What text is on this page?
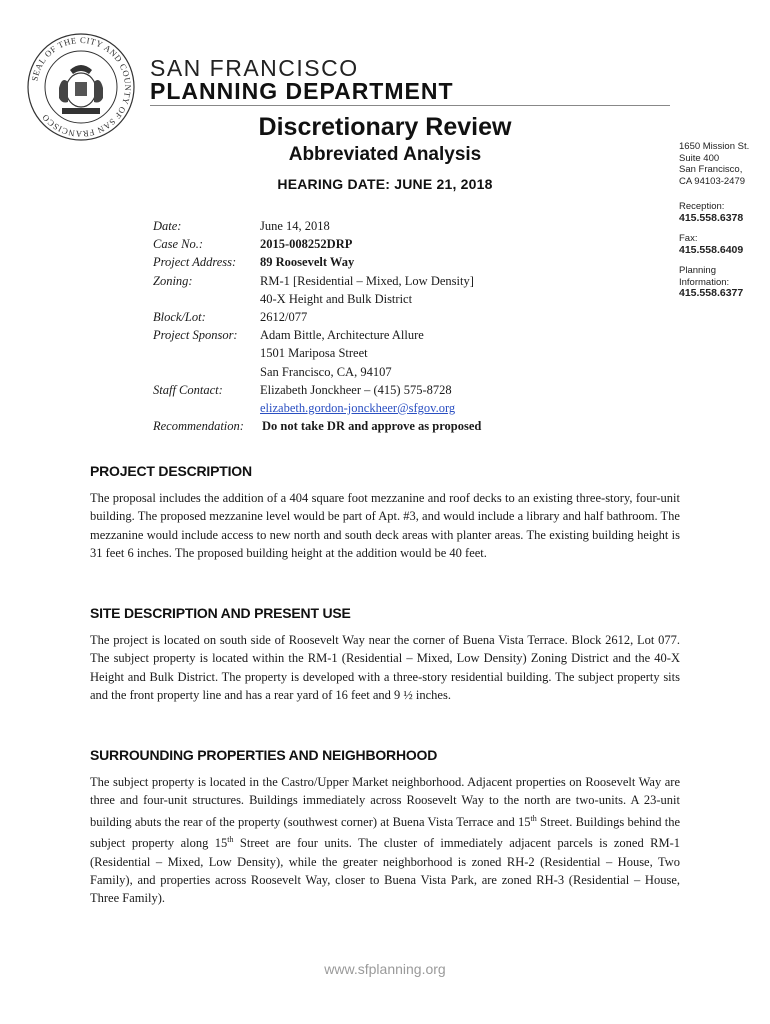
SEAL OF THE CITY AND COUNTY OF SAN FRANCISCO
SAN FRANCISCO
PLANNING DEPARTMENT
Discretionary Review
Abbreviated Analysis
HEARING DATE: JUNE 21, 2018
1650 Mission St.
Suite 400
San Francisco,
CA 94103-2479
Reception:
415.558.6378
Fax:
415.558.6409
Planning
Information:
415.558.6377
Date:	June 14, 2018
Case No.:	2015-008252DRP
Project Address: 89 Roosevelt Way
Zoning:	RM-1 [Residential – Mixed, Low Density]
40-X Height and Bulk District
Block/Lot:	2612/077
Project Sponsor: Adam Bittle, Architecture Allure
1501 Mariposa Street
San Francisco, CA, 94107
Staff Contact:	Elizabeth Jonckheer – (415) 575-8728
elizabeth.gordon-jonckheer@sfgov.org
Recommendation: Do not take DR and approve as proposed
PROJECT DESCRIPTION

The proposal includes the addition of a 404 square foot mezzanine and roof decks to an existing three-story, four-unit building. The proposed mezzanine level would be part of Apt. #3, and would include a library and half bathroom. The mezzanine would include access to new north and south deck areas with planter areas. The existing building height is 31 feet 6 inches. The proposed building height at the addition would be 40 feet.

SITE DESCRIPTION AND PRESENT USE

The project is located on south side of Roosevelt Way near the corner of Buena Vista Terrace. Block 2612, Lot 077. The subject property is located within the RM-1 (Residential – Mixed, Low Density) Zoning District and the 40-X Height and Bulk District. The property is developed with a three-story residential building. The subject property sits and the front property line and has a rear yard of 16 feet and 9 ½ inches.

SURROUNDING PROPERTIES AND NEIGHBORHOOD

The subject property is located in the Castro/Upper Market neighborhood. Adjacent properties on Roosevelt Way are three and four-unit structures. Buildings immediately across Roosevelt Way to the north are two-units. A 23-unit building abuts the rear of the property (southwest corner) at Buena Vista Terrace and 15th Street. Buildings behind the subject property along 15th Street are four units. The cluster of immediately adjacent parcels is zoned RM-1 (Residential – Mixed, Low Density), while the greater neighborhood is zoned RH-2 (Residential – House, Two Family), and properties across Roosevelt Way, closer to Buena Vista Park, are zoned RH-3 (Residential – House, Three Family).

www.sfplanning.org
